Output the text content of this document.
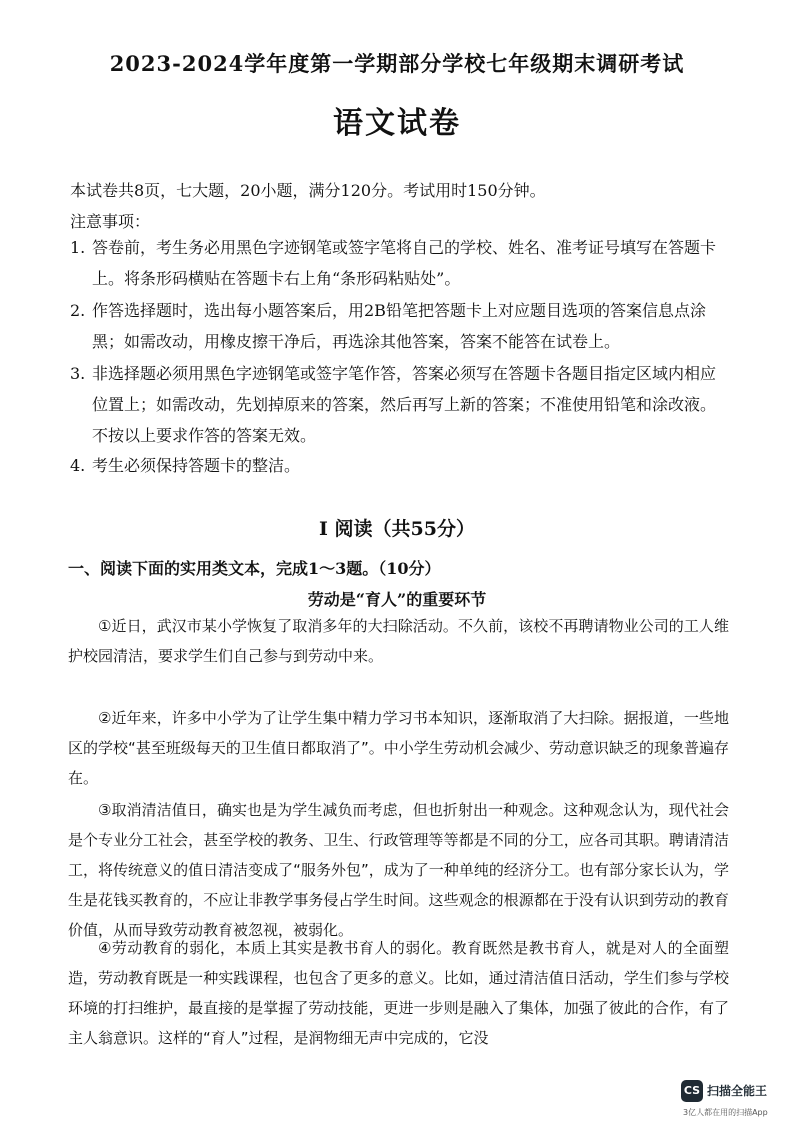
2023-2024学年度第一学期部分学校七年级期末调研考试
语文试卷
本试卷共8页，七大题，20小题，满分120分。考试用时150分钟。
注意事项：
1. 答卷前，考生务必用黑色字迹钢笔或签字笔将自己的学校、姓名、准考证号填写在答题卡上。将条形码横贴在答题卡右上角“条形码粘贴处”。
2. 作答选择题时，选出每小题答案后，用2B铅笔把答题卡上对应题目选项的答案信息点涂黑；如需改动，用橡皮擦干净后，再选涂其他答案，答案不能答在试卷上。
3. 非选择题必须用黑色字迹钢笔或签字笔作答，答案必须写在答题卡各题目指定区域内相应位置上；如需改动，先划掉原来的答案，然后再写上新的答案；不准使用铅笔和涂改液。不按以上要求作答的答案无效。
4. 考生必须保持答题卡的整洁。
Ⅰ 阅读（共55分）
一、阅读下面的实用类文本，完成1～3题。（10分）
劳动是“育人”的重要环节
①近日，武汉市某小学恢复了取消多年的大扫除活动。不久前，该校不再聘请物业公司的工人维护校园清洁，要求学生们自己参与到劳动中来。
②近年来，许多中小学为了让学生集中精力学习书本知识，逐渐取消了大扫除。据报道，一些地区的学校“甚至班级每天的卫生值日都取消了”。中小学生劳动机会减少、劳动意识缺乏的现象普遍存在。
③取消清洁值日，确实也是为学生减负而考虑，但也折射出一种观念。这种观念认为，现代社会是个专业分工社会，甚至学校的教务、卫生、行政管理等等都是不同的分工，应各司其职。聘请清洁工，将传统意义的值日清洁变成了“服务外包”，成为了一种单纯的经济分工。也有部分家长认为，学生是花钱买教育的，不应让非教学事务侵占学生时间。这些观念的根源都在于没有认识到劳动的教育价值，从而导致劳动教育被忽视，被弱化。
④劳动教育的弱化，本质上其实是教书育人的弱化。教育既然是教书育人，就是对人的全面塑造，劳动教育既是一种实践课程，也包含了更多的意义。比如，通过清洁值日活动，学生们参与学校环境的打扫维护，最直接的是掌握了劳动技能，更进一步则是融入了集体，加强了彼此的合作，有了主人翁意识。这样的“育人”过程，是润物细无声中完成的，它没
CS 扫描全能王
3亿人都在用的扫描App
